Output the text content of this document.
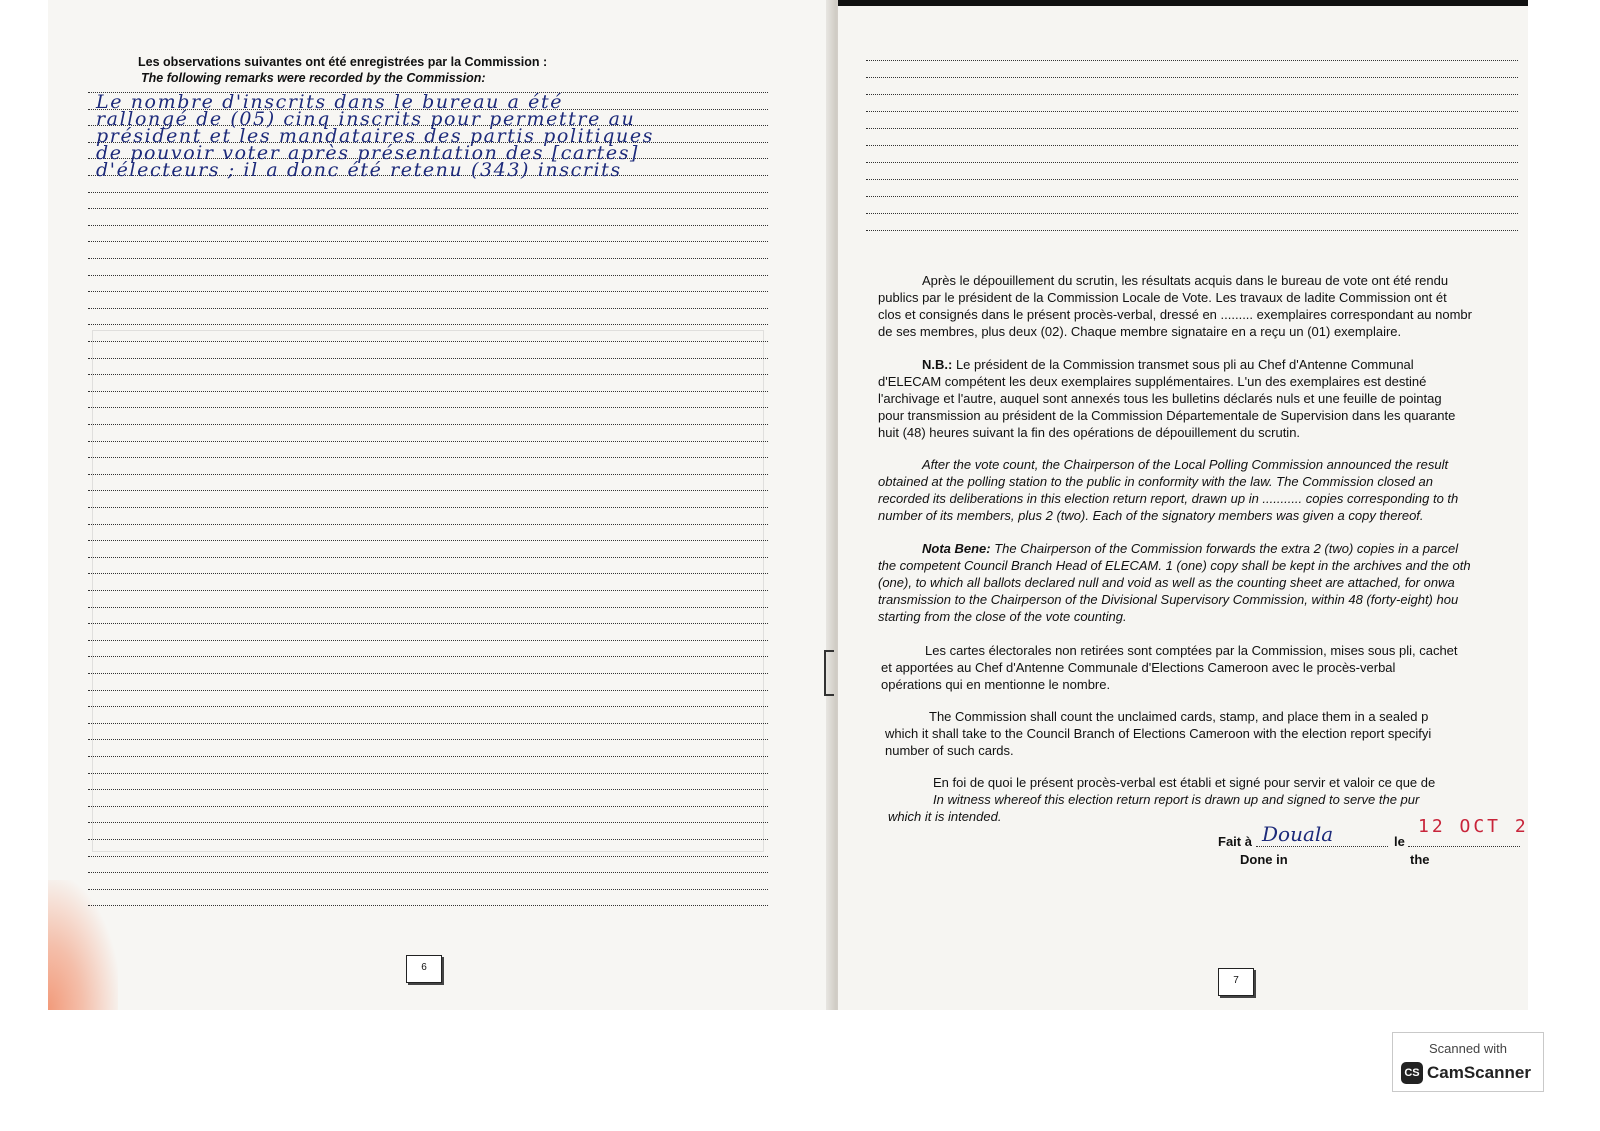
Les observations suivantes ont été enregistrées par la Commission :
The following remarks were recorded by the Commission:
Le nombre d'inscrits dans le bureau a été
rallongé de (05) cinq inscrits pour permettre au
président et les mandataires des partis politiques
de pouvoir voter après présentation des [cartes]
d'électeurs ; il a donc été retenu (343) inscrits
6
Après le dépouillement du scrutin, les résultats acquis dans le bureau de vote ont été rendu
publics par le président de la Commission Locale de Vote. Les travaux de ladite Commission ont ét
clos et consignés dans le présent procès-verbal, dressé en ......... exemplaires correspondant au nombr
de ses membres, plus deux (02). Chaque membre signataire en a reçu un (01) exemplaire.
N.B.: Le président de la Commission transmet sous pli au Chef d'Antenne Communal
d'ELECAM compétent les deux exemplaires supplémentaires. L'un des exemplaires est destiné
l'archivage et l'autre, auquel sont annexés tous les bulletins déclarés nuls et une feuille de pointag
pour transmission au président de la Commission Départementale de Supervision dans les quarante
huit (48) heures suivant la fin des opérations de dépouillement du scrutin.
After the vote count, the Chairperson of the Local Polling Commission announced the result
obtained at the polling station to the public in conformity with the law. The Commission closed an
recorded its deliberations in this election return report, drawn up in ........... copies corresponding to th
number of its members, plus 2 (two). Each of the signatory members was given a copy thereof.
Nota Bene: The Chairperson of the Commission forwards the extra 2 (two) copies in a parcel
the competent Council Branch Head of ELECAM. 1 (one) copy shall be kept in the archives and the oth
(one), to which all ballots declared null and void as well as the counting sheet are attached, for onwa
transmission to the Chairperson of the Divisional Supervisory Commission, within 48 (forty-eight) hou
starting from the close of the vote counting.
Les cartes électorales non retirées sont comptées par la Commission, mises sous pli, cachet
et apportées au Chef d'Antenne Communale d'Elections Cameroon avec le procès-verbal
opérations qui en mentionne le nombre.
The Commission shall count the unclaimed cards, stamp, and place them in a sealed p
which it shall take to the Council Branch of Elections Cameroon with the election report specifyi
number of such cards.
En foi de quoi le présent procès-verbal est établi et signé pour servir et valoir ce que de
In witness whereof this election return report is drawn up and signed to serve the pur
which it is intended.
Fait à Douala	le
12 OCT 2
Done in	the
7
Scanned with
CS CamScanner
